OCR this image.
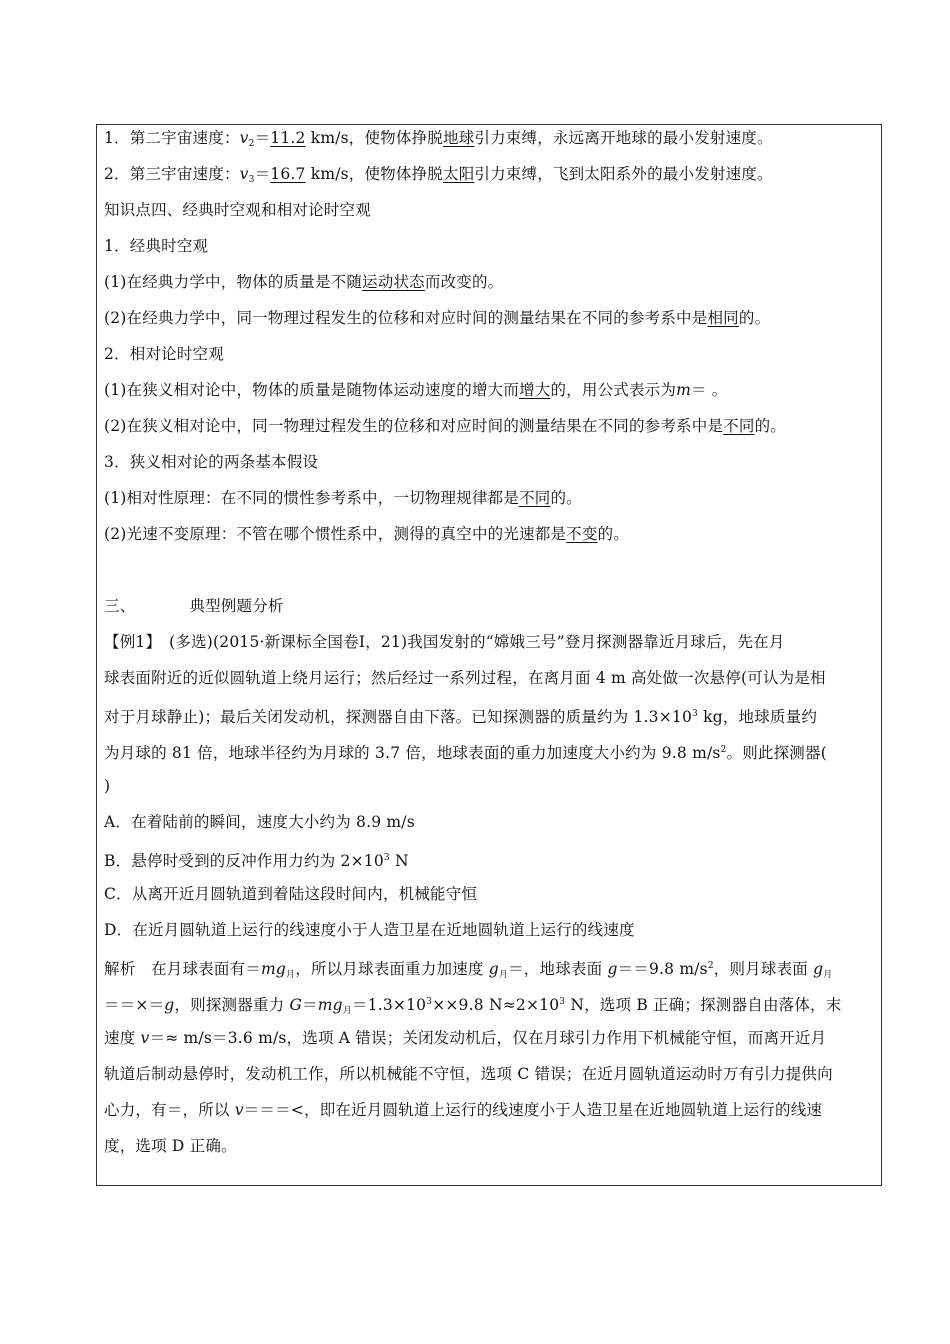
1．第二宇宙速度：$v_2=11.2$ km/s，使物体挣脱地球引力束缚，永远离开地球的最小发射速度。
2．第三宇宙速度：$v_3=16.7$ km/s，使物体挣脱太阳引力束缚，飞到太阳系外的最小发射速度。
知识点四、经典时空观和相对论时空观
1．经典时空观
(1)在经典力学中，物体的质量是不随运动状态而改变的。
(2)在经典力学中，同一物理过程发生的位移和对应时间的测量结果在不同的参考系中是相同的。
2．相对论时空观
(1)在狭义相对论中，物体的质量是随物体运动速度的增大而增大的，用公式表示为m＝ 。
(2)在狭义相对论中，同一物理过程发生的位移和对应时间的测量结果在不同的参考系中是不同的。
3．狭义相对论的两条基本假设
(1)相对性原理：在不同的惯性参考系中，一切物理规律都是不同的。
(2)光速不变原理：不管在哪个惯性系中，测得的真空中的光速都是不变的。
三、	典型例题分析
【例1】　(多选)(2015·新课标全国卷Ⅰ，21)我国发射的“嫦娥三号”登月探测器靠近月球后，先在月
球表面附近的近似圆轨道上绕月运行；然后经过一系列过程，在离月面 4 m 高处做一次悬停(可认为是相
对于月球静止)；最后关闭发动机，探测器自由下落。已知探测器的质量约为 $1.3\times 10^3$ kg，地球质量约
为月球的 81 倍，地球半径约为月球的 3.7 倍，地球表面的重力加速度大小约为 9.8 $m/s^2$。则此探测器(
)
A．在着陆前的瞬间，速度大小约为 8.9 m/s
B．悬停时受到的反冲作用力约为 $2\times 10^3$ N
C．从离开近月圆轨道到着陆这段时间内，机械能守恒
D．在近月圆轨道上运行的线速度小于人造卫星在近地圆轨道上运行的线速度
解析　在月球表面有$=mg_月$，所以月球表面重力加速度 $g_月=$，地球表面 g＝＝9.8 $m/s^2$，则月球表面 $g_月$
＝＝×＝g，则探测器重力 $G=mg_月=1.3\times 10^3\times\times 9.8$ $N\approx 2\times 10^3$ N，选项 B 正确；探测器自由落体，末
速度 v＝≈ m/s＝3.6 m/s，选项 A 错误；关闭发动机后，仅在月球引力作用下机械能守恒，而离开近月
轨道后制动悬停时，发动机工作，所以机械能不守恒，选项 C 错误；在近月圆轨道运动时万有引力提供向
心力，有＝，所以 v＝＝＝<，即在近月圆轨道上运行的线速度小于人造卫星在近地圆轨道上运行的线速
度，选项 D 正确。
